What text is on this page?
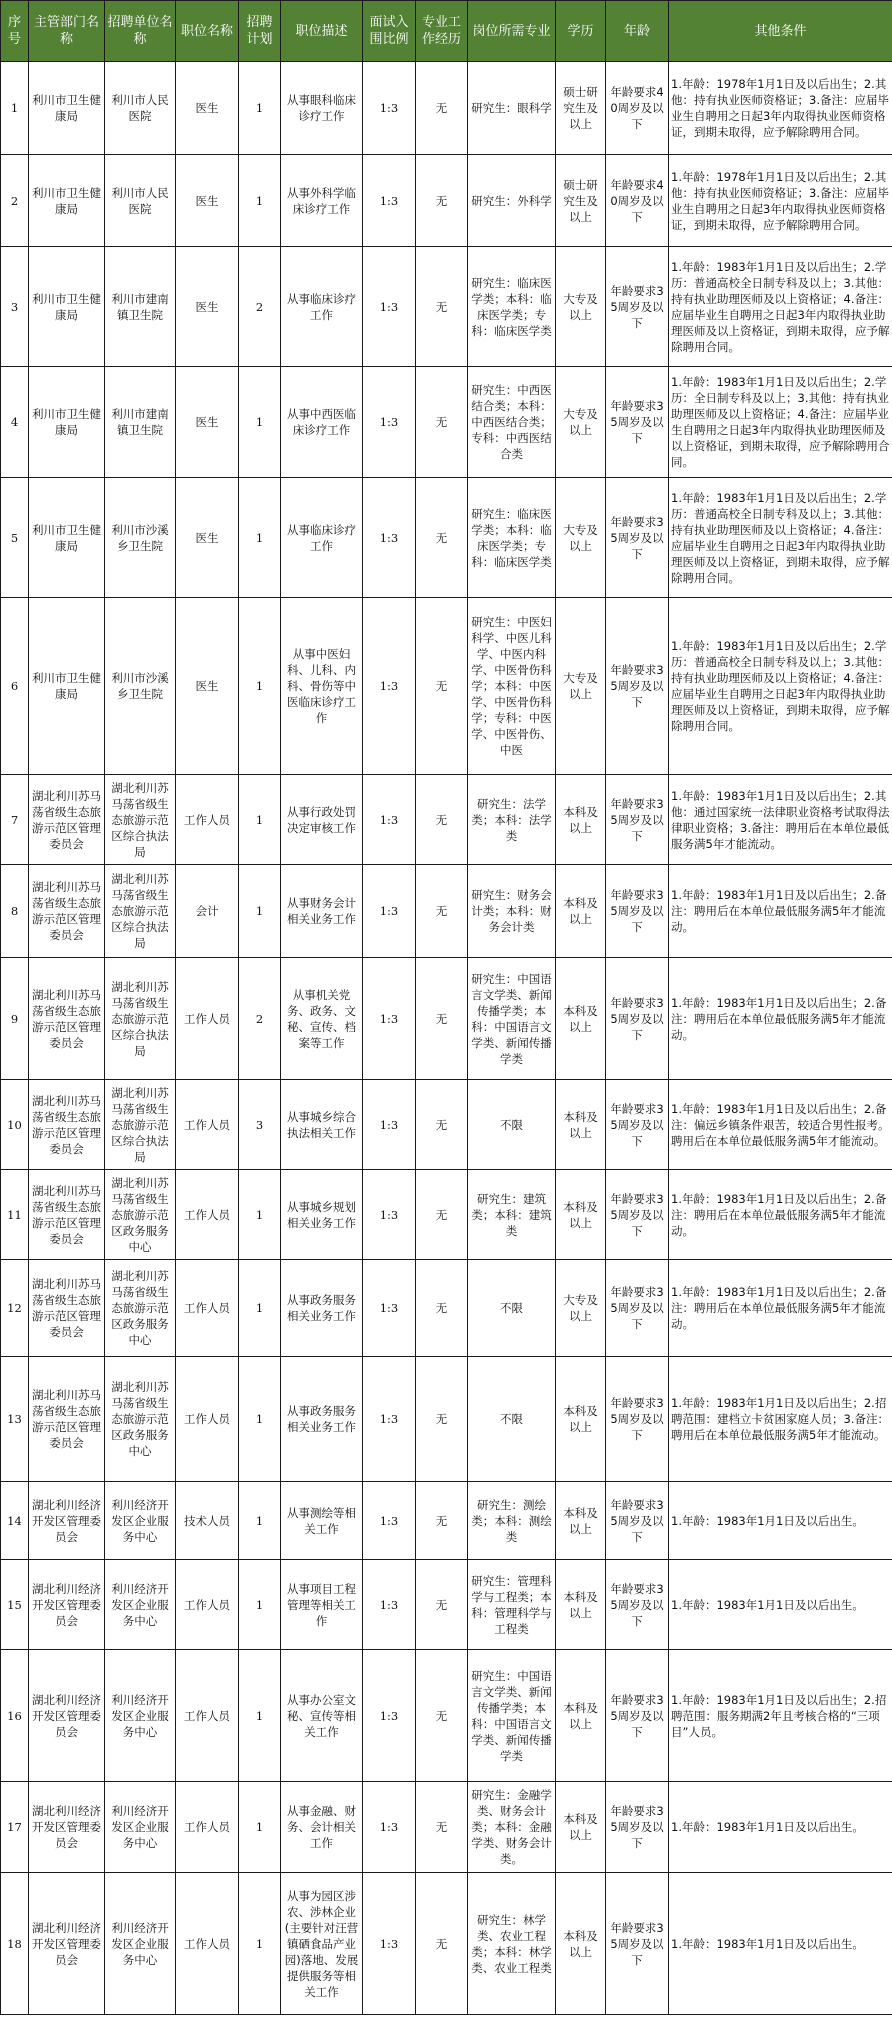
序号	主管部门名称	招聘单位名称	职位名称	招聘计划	职位描述	面试入围比例	专业工作经历	岗位所需专业	学历	年龄	其他条件
1	利川市卫生健康局	利川市人民医院	医生	1	从事眼科临床诊疗工作	1:3	无	研究生：眼科学	硕士研究生及以上	年龄要求40周岁及以下	1.年龄：1978年1月1日及以后出生；2.其他：持有执业医师资格证；3.备注：应届毕业生自聘用之日起3年内取得执业医师资格证，到期未取得，应予解除聘用合同。
2	利川市卫生健康局	利川市人民医院	医生	1	从事外科学临床诊疗工作	1:3	无	研究生：外科学	硕士研究生及以上	年龄要求40周岁及以下	1.年龄：1978年1月1日及以后出生；2.其他：持有执业医师资格证；3.备注：应届毕业生自聘用之日起3年内取得执业医师资格证，到期未取得，应予解除聘用合同。
3	利川市卫生健康局	利川市建南镇卫生院	医生	2	从事临床诊疗工作	1:3	无	研究生：临床医学类；本科：临床医学类；专科：临床医学类	大专及以上	年龄要求35周岁及以下	1.年龄：1983年1月1日及以后出生；2.学历：普通高校全日制专科及以上；3.其他：持有执业助理医师及以上资格证；4.备注：应届毕业生自聘用之日起3年内取得执业助理医师及以上资格证，到期未取得，应予解除聘用合同。
4	利川市卫生健康局	利川市建南镇卫生院	医生	1	从事中西医临床诊疗工作	1:3	无	研究生：中西医结合类；本科：中西医结合类；专科：中西医结合类	大专及以上	年龄要求35周岁及以下	1.年龄：1983年1月1日及以后出生；2.学历：全日制专科及以上；3.其他：持有执业助理医师及以上资格证；4.备注：应届毕业生自聘用之日起3年内取得执业助理医师及以上资格证，到期未取得，应予解除聘用合同。
5	利川市卫生健康局	利川市沙溪乡卫生院	医生	1	从事临床诊疗工作	1:3	无	研究生：临床医学类；本科：临床医学类；专科：临床医学类	大专及以上	年龄要求35周岁及以下	1.年龄：1983年1月1日及以后出生；2.学历：普通高校全日制专科及以上；3.其他：持有执业助理医师及以上资格证；4.备注：应届毕业生自聘用之日起3年内取得执业助理医师及以上资格证，到期未取得，应予解除聘用合同。
6	利川市卫生健康局	利川市沙溪乡卫生院	医生	1	从事中医妇科、儿科、内科、骨伤等中医临床诊疗工作	1:3	无	研究生：中医妇科学、中医儿科学、中医内科学、中医骨伤科学；本科：中医学、中医骨伤科学；专科：中医学、中医骨伤、中医	大专及以上	年龄要求35周岁及以下	1.年龄：1983年1月1日及以后出生；2.学历：普通高校全日制专科及以上；3.其他：持有执业助理医师及以上资格证；4.备注：应届毕业生自聘用之日起3年内取得执业助理医师及以上资格证，到期未取得，应予解除聘用合同。
7	湖北利川苏马荡省级生态旅游示范区管理委员会	湖北利川苏马荡省级生态旅游示范区综合执法局	工作人员	1	从事行政处罚决定审核工作	1:3	无	研究生：法学类；本科：法学类	本科及以上	年龄要求35周岁及以下	1.年龄：1983年1月1日及以后出生；2.其他：通过国家统一法律职业资格考试取得法律职业资格；3.备注：聘用后在本单位最低服务满5年才能流动。
8	湖北利川苏马荡省级生态旅游示范区管理委员会	湖北利川苏马荡省级生态旅游示范区综合执法局	会计	1	从事财务会计相关业务工作	1:3	无	研究生：财务会计类；本科：财务会计类	本科及以上	年龄要求35周岁及以下	1.年龄：1983年1月1日及以后出生；2.备注：聘用后在本单位最低服务满5年才能流动。
9	湖北利川苏马荡省级生态旅游示范区管理委员会	湖北利川苏马荡省级生态旅游示范区综合执法局	工作人员	2	从事机关党务、政务、文秘、宣传、档案等工作	1:3	无	研究生：中国语言文学类、新闻传播学类；本科：中国语言文学类、新闻传播学类	本科及以上	年龄要求35周岁及以下	1.年龄：1983年1月1日及以后出生；2.备注：聘用后在本单位最低服务满5年才能流动。
10	湖北利川苏马荡省级生态旅游示范区管理委员会	湖北利川苏马荡省级生态旅游示范区综合执法局	工作人员	3	从事城乡综合执法相关工作	1:3	无	不限	本科及以上	年龄要求35周岁及以下	1.年龄：1983年1月1日及以后出生；2.备注：偏远乡镇条件艰苦，较适合男性报考。聘用后在本单位最低服务满5年才能流动。
11	湖北利川苏马荡省级生态旅游示范区管理委员会	湖北利川苏马荡省级生态旅游示范区政务服务中心	工作人员	1	从事城乡规划相关业务工作	1:3	无	研究生：建筑类；本科：建筑类	本科及以上	年龄要求35周岁及以下	1.年龄：1983年1月1日及以后出生；2.备注：聘用后在本单位最低服务满5年才能流动。
12	湖北利川苏马荡省级生态旅游示范区管理委员会	湖北利川苏马荡省级生态旅游示范区政务服务中心	工作人员	1	从事政务服务相关业务工作	1:3	无	不限	大专及以上	年龄要求35周岁及以下	1.年龄：1983年1月1日及以后出生；2.备注：聘用后在本单位最低服务满5年才能流动。
13	湖北利川苏马荡省级生态旅游示范区管理委员会	湖北利川苏马荡省级生态旅游示范区政务服务中心	工作人员	1	从事政务服务相关业务工作	1:3	无	不限	本科及以上	年龄要求35周岁及以下	1.年龄：1983年1月1日及以后出生；2.招聘范围：建档立卡贫困家庭人员；3.备注：聘用后在本单位最低服务满5年才能流动。
14	湖北利川经济开发区管理委员会	利川经济开发区企业服务中心	技术人员	1	从事测绘等相关工作	1:3	无	研究生：测绘类；本科：测绘类	本科及以上	年龄要求35周岁及以下	1.年龄：1983年1月1日及以后出生。
15	湖北利川经济开发区管理委员会	利川经济开发区企业服务中心	工作人员	1	从事项目工程管理等相关工作	1:3	无	研究生：管理科学与工程类；本科：管理科学与工程类	本科及以上	年龄要求35周岁及以下	1.年龄：1983年1月1日及以后出生。
16	湖北利川经济开发区管理委员会	利川经济开发区企业服务中心	工作人员	1	从事办公室文秘、宣传等相关工作	1:3	无	研究生：中国语言文学类、新闻传播学类；本科：中国语言文学类、新闻传播学类	本科及以上	年龄要求35周岁及以下	1.年龄：1983年1月1日及以后出生；2.招聘范围：服务期满2年且考核合格的“三项目”人员。
17	湖北利川经济开发区管理委员会	利川经济开发区企业服务中心	工作人员	1	从事金融、财务、会计相关工作	1:3	无	研究生：金融学类、财务会计类；本科：金融学类、财务会计类。	本科及以上	年龄要求35周岁及以下	1.年龄：1983年1月1日及以后出生。
18	湖北利川经济开发区管理委员会	利川经济开发区企业服务中心	工作人员	1	从事为园区涉农、涉林企业(主要针对汪营镇硒食品产业园)落地、发展提供服务等相关工作	1:3	无	研究生：林学类、农业工程类；本科：林学类、农业工程类	本科及以上	年龄要求35周岁及以下	1.年龄：1983年1月1日及以后出生。
